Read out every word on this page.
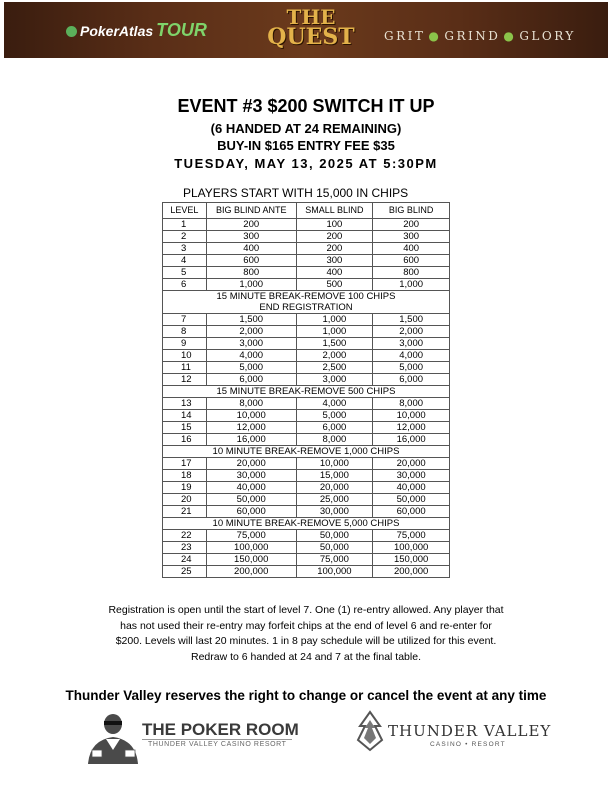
PokerAtlas TOUR
THE
QUEST	GRIT ● GRIND ● GLORY
EVENT #3 $200 SWITCH IT UP
(6 HANDED AT 24 REMAINING)
BUY-IN $165 ENTRY FEE $35
TUESDAY, MAY 13, 2025 AT 5:30PM
PLAYERS START WITH 15,000 IN CHIPS
LEVEL	BIG BLIND ANTE	SMALL BLIND	BIG BLIND
1	200	100	200
2	300	200	300
3	400	200	400
4	600	300	600
5	800	400	800
6	1,000	500	1,000

15 MINUTE BREAK-REMOVE 100 CHIPS
END REGISTRATION			

7	1,500	1,000	1,500
8	2,000	1,000	2,000
9	3,000	1,500	3,000
10	4,000	2,000	4,000
11	5,000	2,500	5,000
12	6,000	3,000	6,000

15 MINUTE BREAK-REMOVE 500 CHIPS			

13	8,000	4,000	8,000
14	10,000	5,000	10,000
15	12,000	6,000	12,000
16	16,000	8,000	16,000

10 MINUTE BREAK-REMOVE 1,000 CHIPS			

17	20,000	10,000	20,000
18	30,000	15,000	30,000
19	40,000	20,000	40,000
20	50,000	25,000	50,000
21	60,000	30,000	60,000

10 MINUTE BREAK-REMOVE 5,000 CHIPS			

22	75,000	50,000	75,000
23	100,000	50,000	100,000
24	150,000	75,000	150,000
25	200,000	100,000	200,000
Registration is open until the start of level 7. One (1) re-entry allowed. Any player that
has not used their re-entry may forfeit chips at the end of level 6 and re-enter for
$200. Levels will last 20 minutes. 1 in 8 pay schedule will be utilized for this event.
Redraw to 6 handed at 24 and 7 at the final table.
Thunder Valley reserves the right to change or cancel the event at any time
THE POKER ROOM
THUNDER VALLEY CASINO RESORT
THUNDER VALLEY
CASINO • RESORT
